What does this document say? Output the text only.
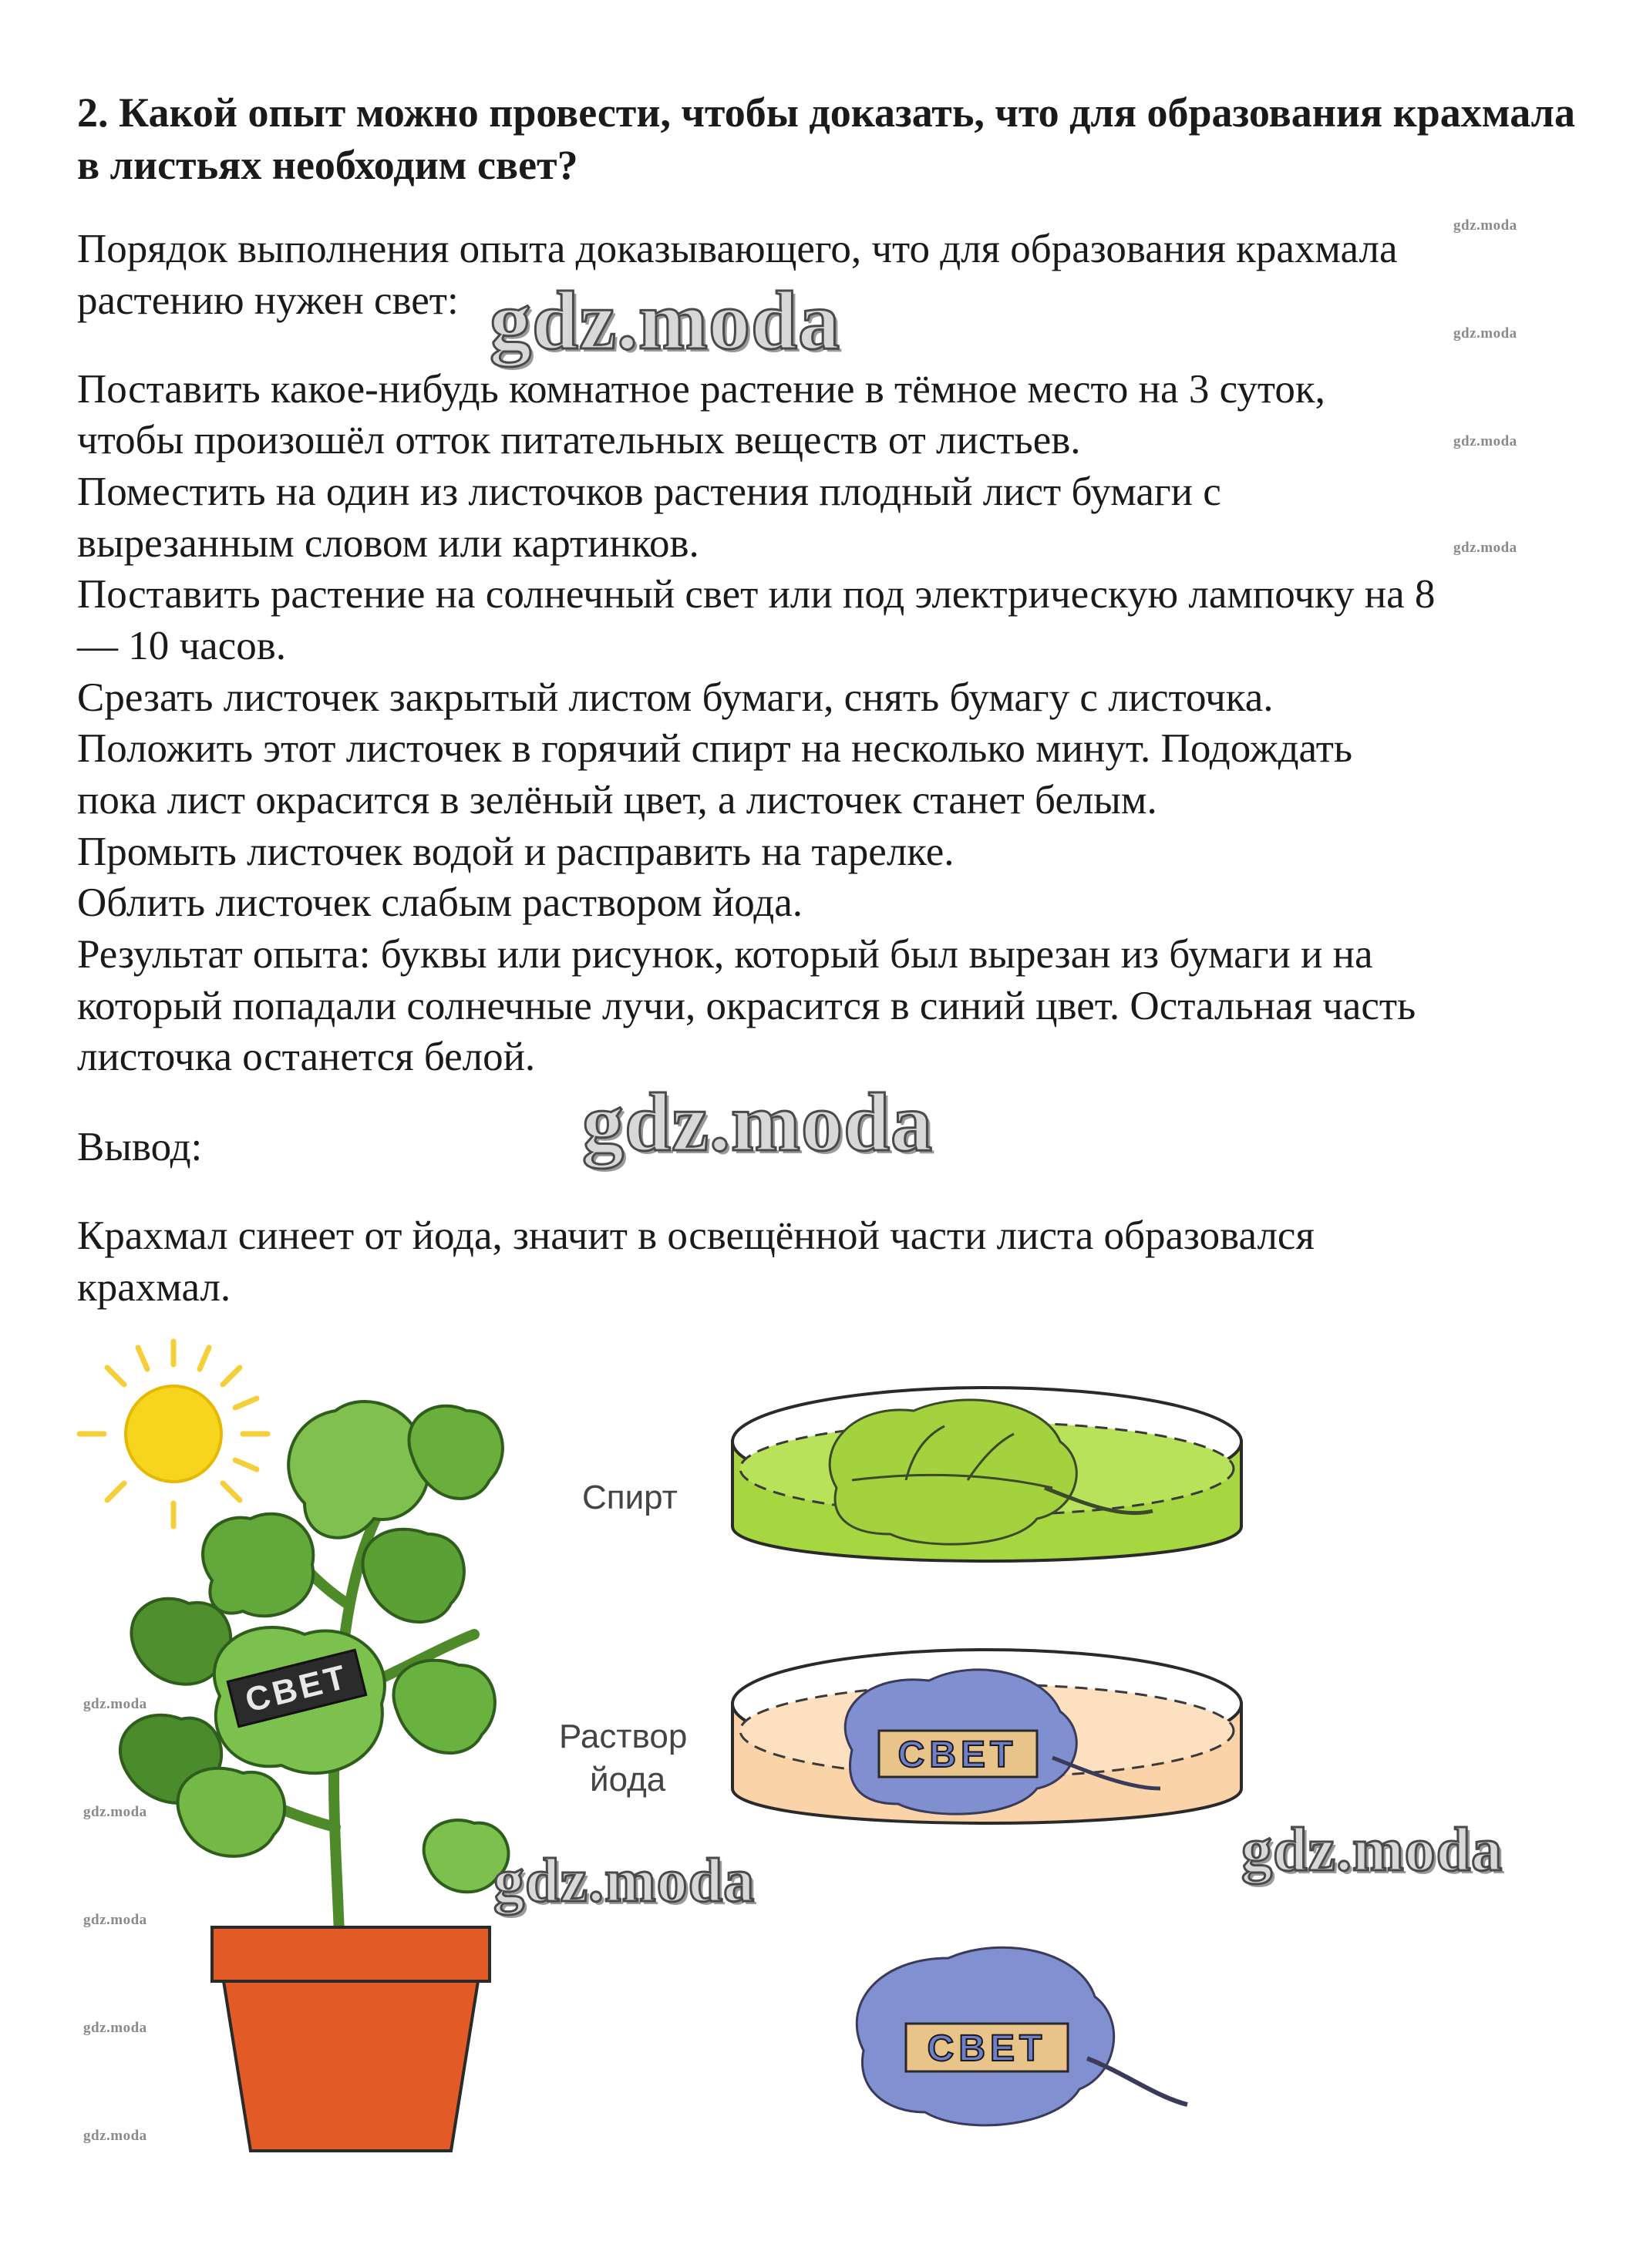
2. Какой опыт можно провести, чтобы доказать, что для образования крахмала в листьях необходим свет?
Порядок выполнения опыта доказывающего, что для образования крахмала
растению нужен свет:
Поставить какое-нибудь комнатное растение в тёмное место на 3 суток,
чтобы произошёл отток питательных веществ от листьев.
Поместить на один из листочков растения плодный лист бумаги с
вырезанным словом или картинков.
Поставить растение на солнечный свет или под электрическую лампочку на 8
— 10 часов.
Срезать листочек закрытый листом бумаги, снять бумагу с листочка.
Положить этот листочек в горячий спирт на несколько минут. Подождать
пока лист окрасится в зелёный цвет, а листочек станет белым.
Промыть листочек водой и расправить на тарелке.
Облить листочек слабым раствором йода.
Результат опыта: буквы или рисунок, который был вырезан из бумаги и на
который попадали солнечные лучи, окрасится в синий цвет. Остальная часть
листочка останется белой.
Вывод:
Крахмал синеет от йода, значит в освещённой части листа образовался
крахмал.
gdz.moda
gdz.moda
gdz.moda
gdz.moda
gdz.moda
gdz.moda
gdz.moda
gdz.moda
gdz.moda
СВЕТ
Спирт
Раствор
йода
СВЕТ
СВЕТ
gdz.moda
gdz.moda
gdz.moda	gdz.moda
